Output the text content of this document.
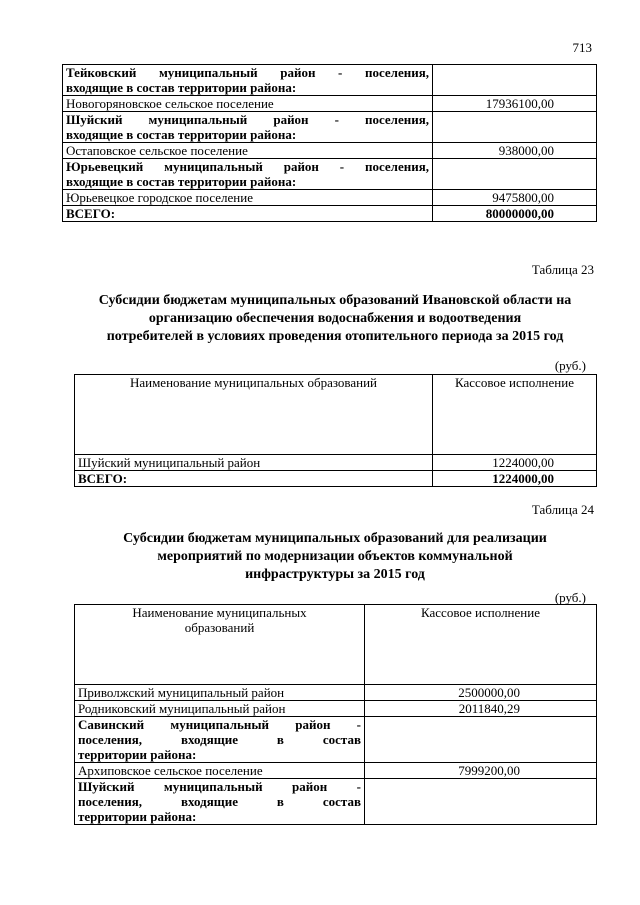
713
Тейковский муниципальный район - поселения,
входящие в состав территории района:	

Новогоряновское сельское поселение	17936100,00

Шуйский муниципальный район - поселения,
входящие в состав территории района:	

Остаповское сельское поселение	938000,00

Юрьевецкий муниципальный район - поселения,
входящие в состав территории района:	

Юрьевецкое городское поселение	9475800,00

ВСЕГО:	80000000,00
Таблица 23
Субсидии бюджетам муниципальных образований Ивановской области на
организацию обеспечения водоснабжения и водоотведения
потребителей в условиях проведения отопительного периода за 2015 год
(руб.)
Наименование муниципальных образований	Кассовое исполнение
Шуйский муниципальный район	1224000,00
ВСЕГО:	1224000,00
Таблица 24
Субсидии бюджетам муниципальных образований для реализации
мероприятий по модернизации объектов коммунальной
инфраструктуры за 2015 год
(руб.)
Наименование муниципальных
образований	Кассовое исполнение

Приволжский муниципальный район	2500000,00

Родниковский муниципальный район	2011840,29

Савинский муниципальный район -
поселения, входящие в состав
территории района:	

Архиповское сельское поселение	7999200,00

Шуйский муниципальный район -
поселения, входящие в состав
территории района:	
